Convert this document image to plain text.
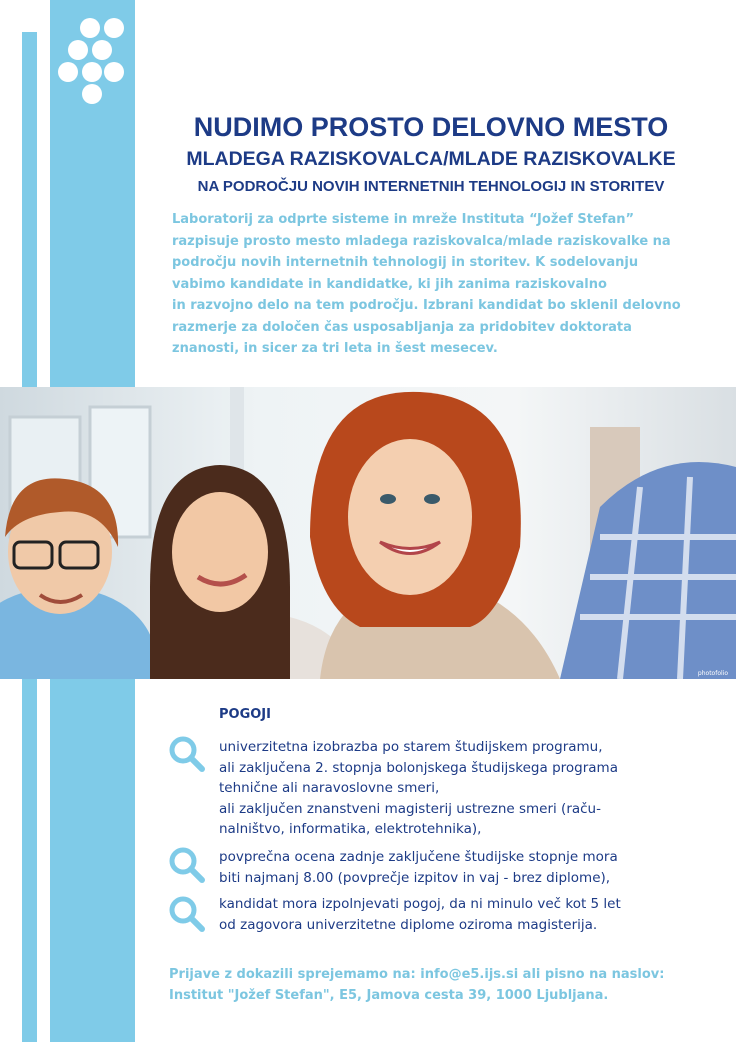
IJS
NUDIMO PROSTO DELOVNO MESTO
MLADEGA RAZISKOVALCA/MLADE RAZISKOVALKE
NA PODROČJU NOVIH INTERNETNIH TEHNOLOGIJ IN STORITEV
Laboratorij za odprte sisteme in mreže Instituta “Jožef Stefan”
razpisuje prosto mesto mladega raziskovalca/mlade raziskovalke na
področju novih internetnih tehnologij in storitev. K sodelovanju
vabimo kandidate in kandidatke, ki jih zanima raziskovalno
in razvojno delo na tem področju. Izbrani kandidat bo sklenil delovno
razmerje za določen čas usposabljanja za pridobitev doktorata
znanosti, in sicer za tri leta in šest mesecev.
photofolio
POGOJI
univerzitetna izobrazba po starem študijskem programu,
ali zaključena 2. stopnja bolonjskega študijskega programa
tehnične ali naravoslovne smeri,
ali zaključen znanstveni magisterij ustrezne smeri (raču-
nalništvo, informatika, elektrotehnika),
povprečna ocena zadnje zaključene študijske stopnje mora
biti najmanj 8.00 (povprečje izpitov in vaj - brez diplome),
kandidat mora izpolnjevati pogoj, da ni minulo več kot 5 let
od zagovora univerzitetne diplome oziroma magisterija.
Prijave z dokazili sprejemamo na: info@e5.ijs.si ali pisno na naslov:
Institut "Jožef Stefan", E5, Jamova cesta 39, 1000 Ljubljana.
